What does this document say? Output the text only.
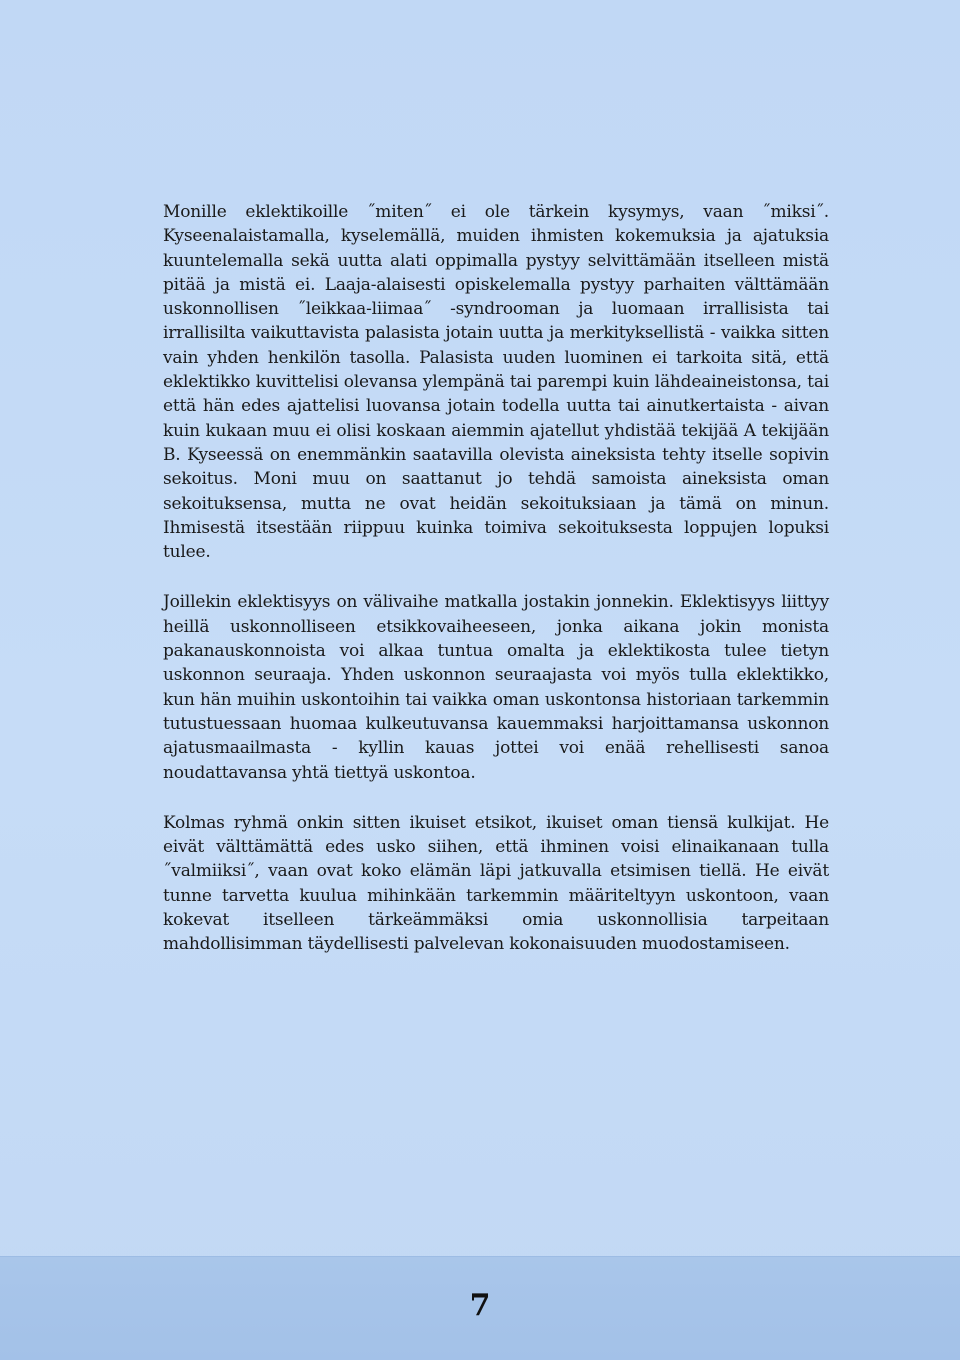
Monille eklektikoille ˝miten˝ ei ole tärkein kysymys, vaan ˝miksi˝. Kyseenalaistamalla, kyselemällä, muiden ihmisten kokemuksia ja ajatuksia kuuntelemalla sekä uutta alati oppimalla pystyy selvittämään itselleen mistä pitää ja mistä ei. Laaja-alaisesti opiskelemalla pystyy parhaiten välttämään uskonnollisen ˝leikkaa-liimaa˝ -syndrooman ja luomaan irrallisista tai irrallisilta vaikuttavista palasista jotain uutta ja merkityksellistä - vaikka sitten vain yhden henkilön tasolla. Palasista uuden luominen ei tarkoita sitä, että eklektikko kuvittelisi olevansa ylempänä tai parempi kuin lähdeaineistonsa, tai että hän edes ajattelisi luovansa jotain todella uutta tai ainutkertaista - aivan kuin kukaan muu ei olisi koskaan aiemmin ajatellut yhdistää tekijää A tekijään B. Kyseessä on enemmänkin saatavilla olevista aineksista tehty itselle sopivin sekoitus. Moni muu on saattanut jo tehdä samoista aineksista oman sekoituksensa, mutta ne ovat heidän sekoituksiaan ja tämä on minun. Ihmisestä itsestään riippuu kuinka toimiva sekoituksesta loppujen lopuksi tulee.

Joillekin eklektisyys on välivaihe matkalla jostakin jonnekin. Eklektisyys liittyy heillä uskonnolliseen etsikkovaiheeseen, jonka aikana jokin monista pakanauskonnoista voi alkaa tuntua omalta ja eklektikosta tulee tietyn uskonnon seuraaja. Yhden uskonnon seuraajasta voi myös tulla eklektikko, kun hän muihin uskontoihin tai vaikka oman uskontonsa historiaan tarkemmin tutustuessaan huomaa kulkeutuvansa kauemmaksi harjoittamansa uskonnon ajatusmaailmasta - kyllin kauas jottei voi enää rehellisesti sanoa noudattavansa yhtä tiettyä uskontoa.

Kolmas ryhmä onkin sitten ikuiset etsikot, ikuiset oman tiensä kulkijat. He eivät välttämättä edes usko siihen, että ihminen voisi elinaikanaan tulla ˝valmiiksi˝, vaan ovat koko elämän läpi jatkuvalla etsimisen tiellä. He eivät tunne tarvetta kuulua mihinkään tarkemmin määriteltyyn uskontoon, vaan kokevat itselleen tärkeämmäksi omia uskonnollisia tarpeitaan mahdollisimman täydellisesti palvelevan kokonaisuuden muodostamiseen.

7
